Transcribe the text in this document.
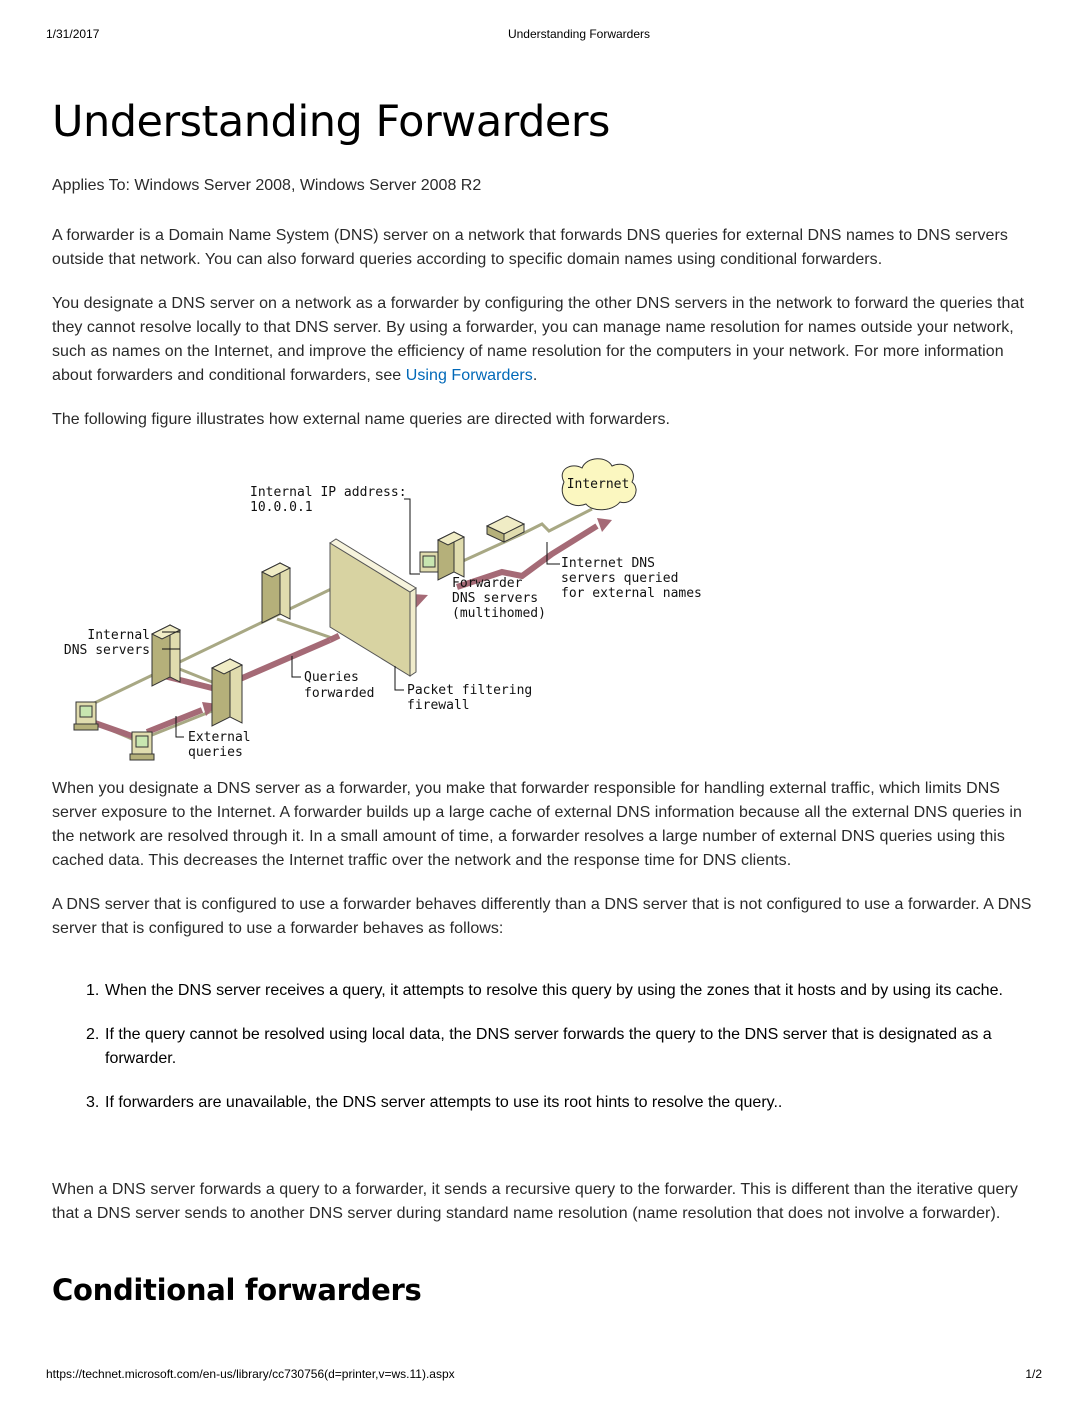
1/31/2017	Understanding Forwarders
Understanding Forwarders
Applies To: Windows Server 2008, Windows Server 2008 R2

A forwarder is a Domain Name System (DNS) server on a network that forwards DNS queries for external DNS names to DNS servers outside that network. You can also forward queries according to specific domain names using conditional forwarders.

You designate a DNS server on a network as a forwarder by configuring the other DNS servers in the network to forward the queries that they cannot resolve locally to that DNS server. By using a forwarder, you can manage name resolution for names outside your network, such as names on the Internet, and improve the efficiency of name resolution for the computers in your network. For more information about forwarders and conditional forwarders, see Using Forwarders.

The following figure illustrates how external name queries are directed with forwarders.

Internet
Internal IP address:
10.0.0.1
Internet DNS
servers queried
for external names
Forwarder
DNS servers
(multihomed)
Internal
DNS servers
Queries
forwarded	Packet filtering
firewall
External
queries

When you designate a DNS server as a forwarder, you make that forwarder responsible for handling external traffic, which limits DNS server exposure to the Internet. A forwarder builds up a large cache of external DNS information because all the external DNS queries in the network are resolved through it. In a small amount of time, a forwarder resolves a large number of external DNS queries using this cached data. This decreases the Internet traffic over the network and the response time for DNS clients.

A DNS server that is configured to use a forwarder behaves differently than a DNS server that is not configured to use a forwarder. A DNS server that is configured to use a forwarder behaves as follows:

1. When the DNS server receives a query, it attempts to resolve this query by using the zones that it hosts and by using its cache.
2. If the query cannot be resolved using local data, the DNS server forwards the query to the DNS server that is designated as a forwarder.
3. If forwarders are unavailable, the DNS server attempts to use its root hints to resolve the query..

When a DNS server forwards a query to a forwarder, it sends a recursive query to the forwarder. This is different than the iterative query that a DNS server sends to another DNS server during standard name resolution (name resolution that does not involve a forwarder).

Conditional forwarders
https://technet.microsoft.com/en-us/library/cc730756(d=printer,v=ws.11).aspx	1/2
